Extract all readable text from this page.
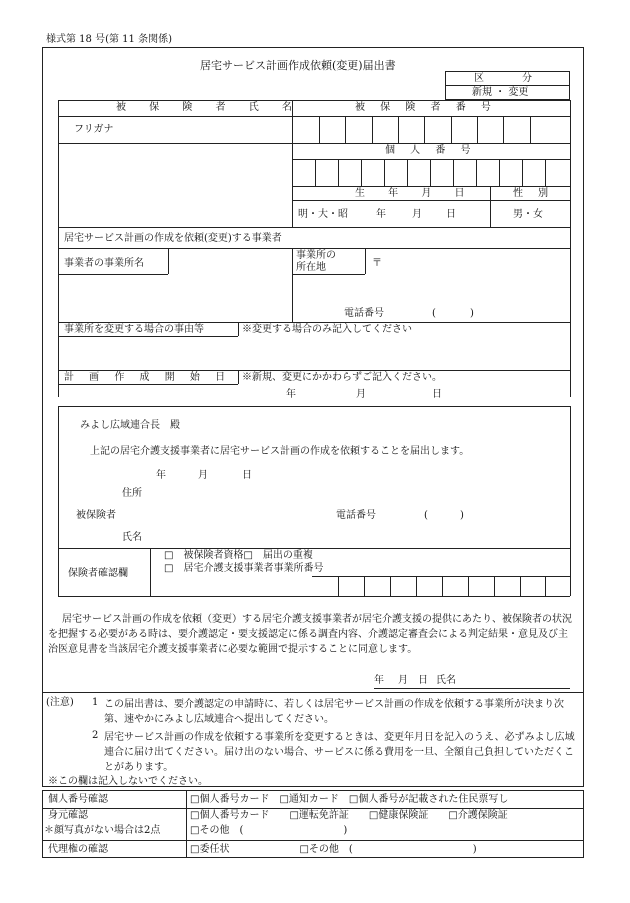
様式第 18 号(第 11 条関係)
居宅サービス計画作成依頼(変更)届出書
区　　分
新規 ・ 変更
被 保 険 者 氏 名	被 保 険 者 番 号
フリガナ
個 人 番 号
生 年 月 日	性 別
明・大・昭	年	月 日	男・女
居宅サービス計画の作成を依頼(変更)する事業者
事業者の事業所名
事業所の
所在地	〒
電話番号	(	)
事業所を変更する場合の事由等	※変更する場合のみ記入してください
計 画 作 成 開 始 日 ※新規、変更にかかわらずご記入ください。
年	月	日
みよし広域連合長　殿
上記の居宅介護支援事業者に居宅サービス計画の作成を依頼することを届出します。
年	月	日
住所
被保険者	電話番号	(	)
氏名
保険者確認欄
□　被保険者資格□　届出の重複
□　居宅介護支援事業者事業所番号
居宅サービス計画の作成を依頼（変更）する居宅介護支援事業者が居宅介護支援の提供にあたり、被保険者の状況を把握する必要がある時は、要介護認定・要支援認定に係る調査内容、介護認定審査会による判定結果・意見及び主治医意見書を当該居宅介護支援事業者に必要な範囲で提示することに同意します。
年 月 日 氏名
(注意) 1 この届出書は、要介護認定の申請時に、若しくは居宅サービス計画の作成を依頼する事業所が決まり次第、速やかにみよし広域連合へ提出してください。
2 居宅サービス計画の作成を依頼する事業所を変更するときは、変更年月日を記入のうえ、必ずみよし広域連合に届け出てください。届け出のない場合、サービスに係る費用を一旦、全額自己負担していただくことがあります。
※この欄は記入しないでください。
個人番号確認	□個人番号カード　□通知カード　□個人番号が記載された住民票写し
身元確認	□個人番号カード　　□運転免許証　　□健康保険証　　□介護保険証
＊顔写真がない場合は2点	□その他　(　　　　　　　　　　)
代理権の確認	□委任状　　　　　　　□その他　(　　　　　　　　　　　　)
